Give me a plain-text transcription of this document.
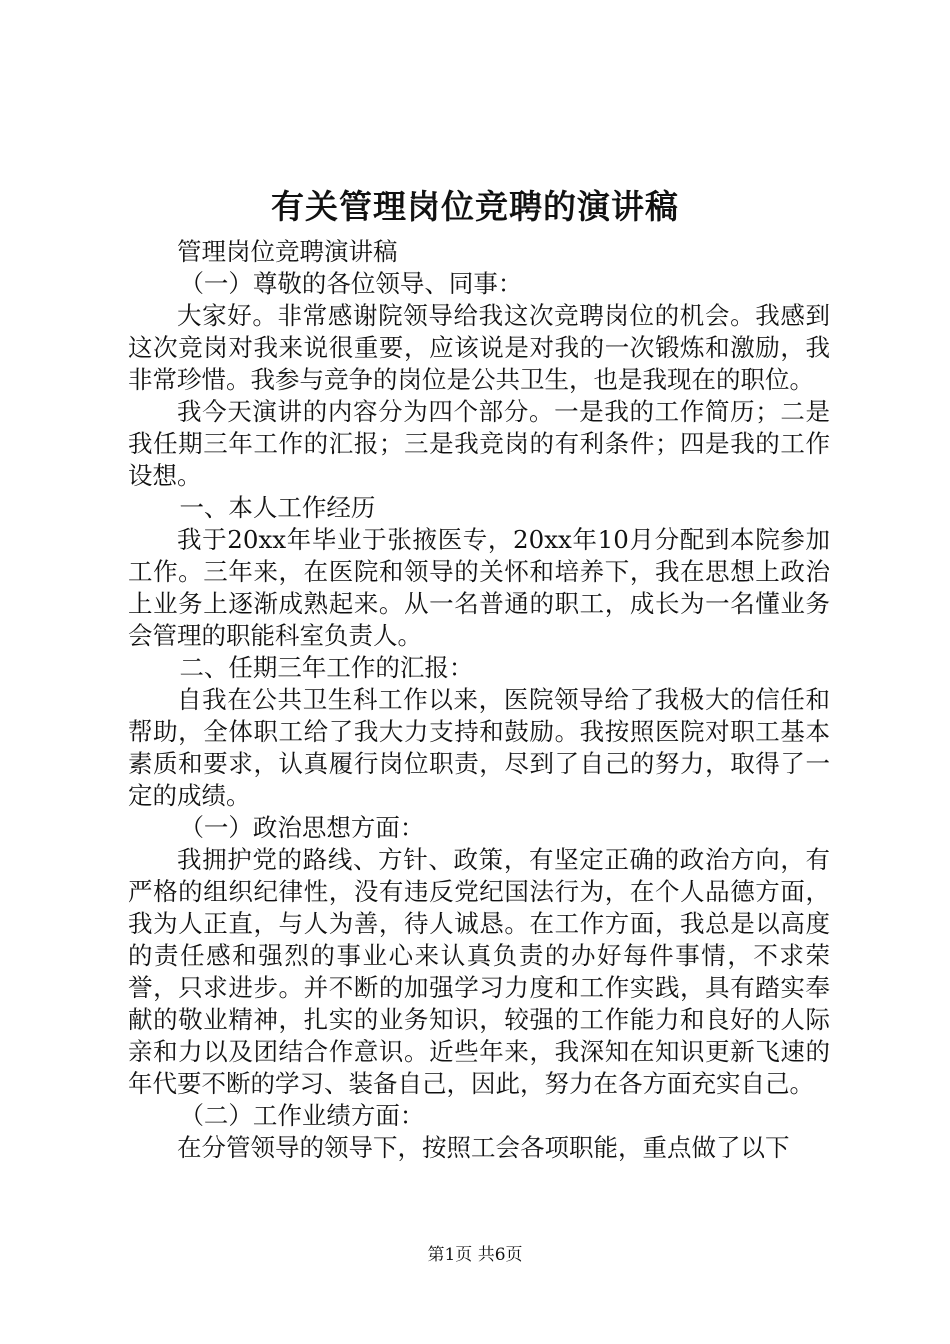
有关管理岗位竞聘的演讲稿

管理岗位竞聘演讲稿

（一）尊敬的各位领导、同事：

大家好。非常感谢院领导给我这次竞聘岗位的机会。我感到这次竞岗对我来说很重要，应该说是对我的一次锻炼和激励，我非常珍惜。我参与竞争的岗位是公共卫生，也是我现在的职位。

我今天演讲的内容分为四个部分。一是我的工作简历；二是我任期三年工作的汇报；三是我竞岗的有利条件；四是我的工作设想。

一、本人工作经历

我于20xx年毕业于张掖医专，20xx年10月分配到本院参加工作。三年来，在医院和领导的关怀和培养下，我在思想上政治上业务上逐渐成熟起来。从一名普通的职工，成长为一名懂业务会管理的职能科室负责人。

二、任期三年工作的汇报：

自我在公共卫生科工作以来，医院领导给了我极大的信任和帮助，全体职工给了我大力支持和鼓励。我按照医院对职工基本素质和要求，认真履行岗位职责，尽到了自己的努力，取得了一定的成绩。

（一）政治思想方面：

我拥护党的路线、方针、政策，有坚定正确的政治方向，有严格的组织纪律性，没有违反党纪国法行为，在个人品德方面，我为人正直，与人为善，待人诚恳。在工作方面，我总是以高度的责任感和强烈的事业心来认真负责的办好每件事情，不求荣誉，只求进步。并不断的加强学习力度和工作实践，具有踏实奉献的敬业精神，扎实的业务知识，较强的工作能力和良好的人际亲和力以及团结合作意识。近些年来，我深知在知识更新飞速的年代要不断的学习、装备自己，因此，努力在各方面充实自己。

（二）工作业绩方面：

在分管领导的领导下，按照工会各项职能，重点做了以下

第1页 共6页
